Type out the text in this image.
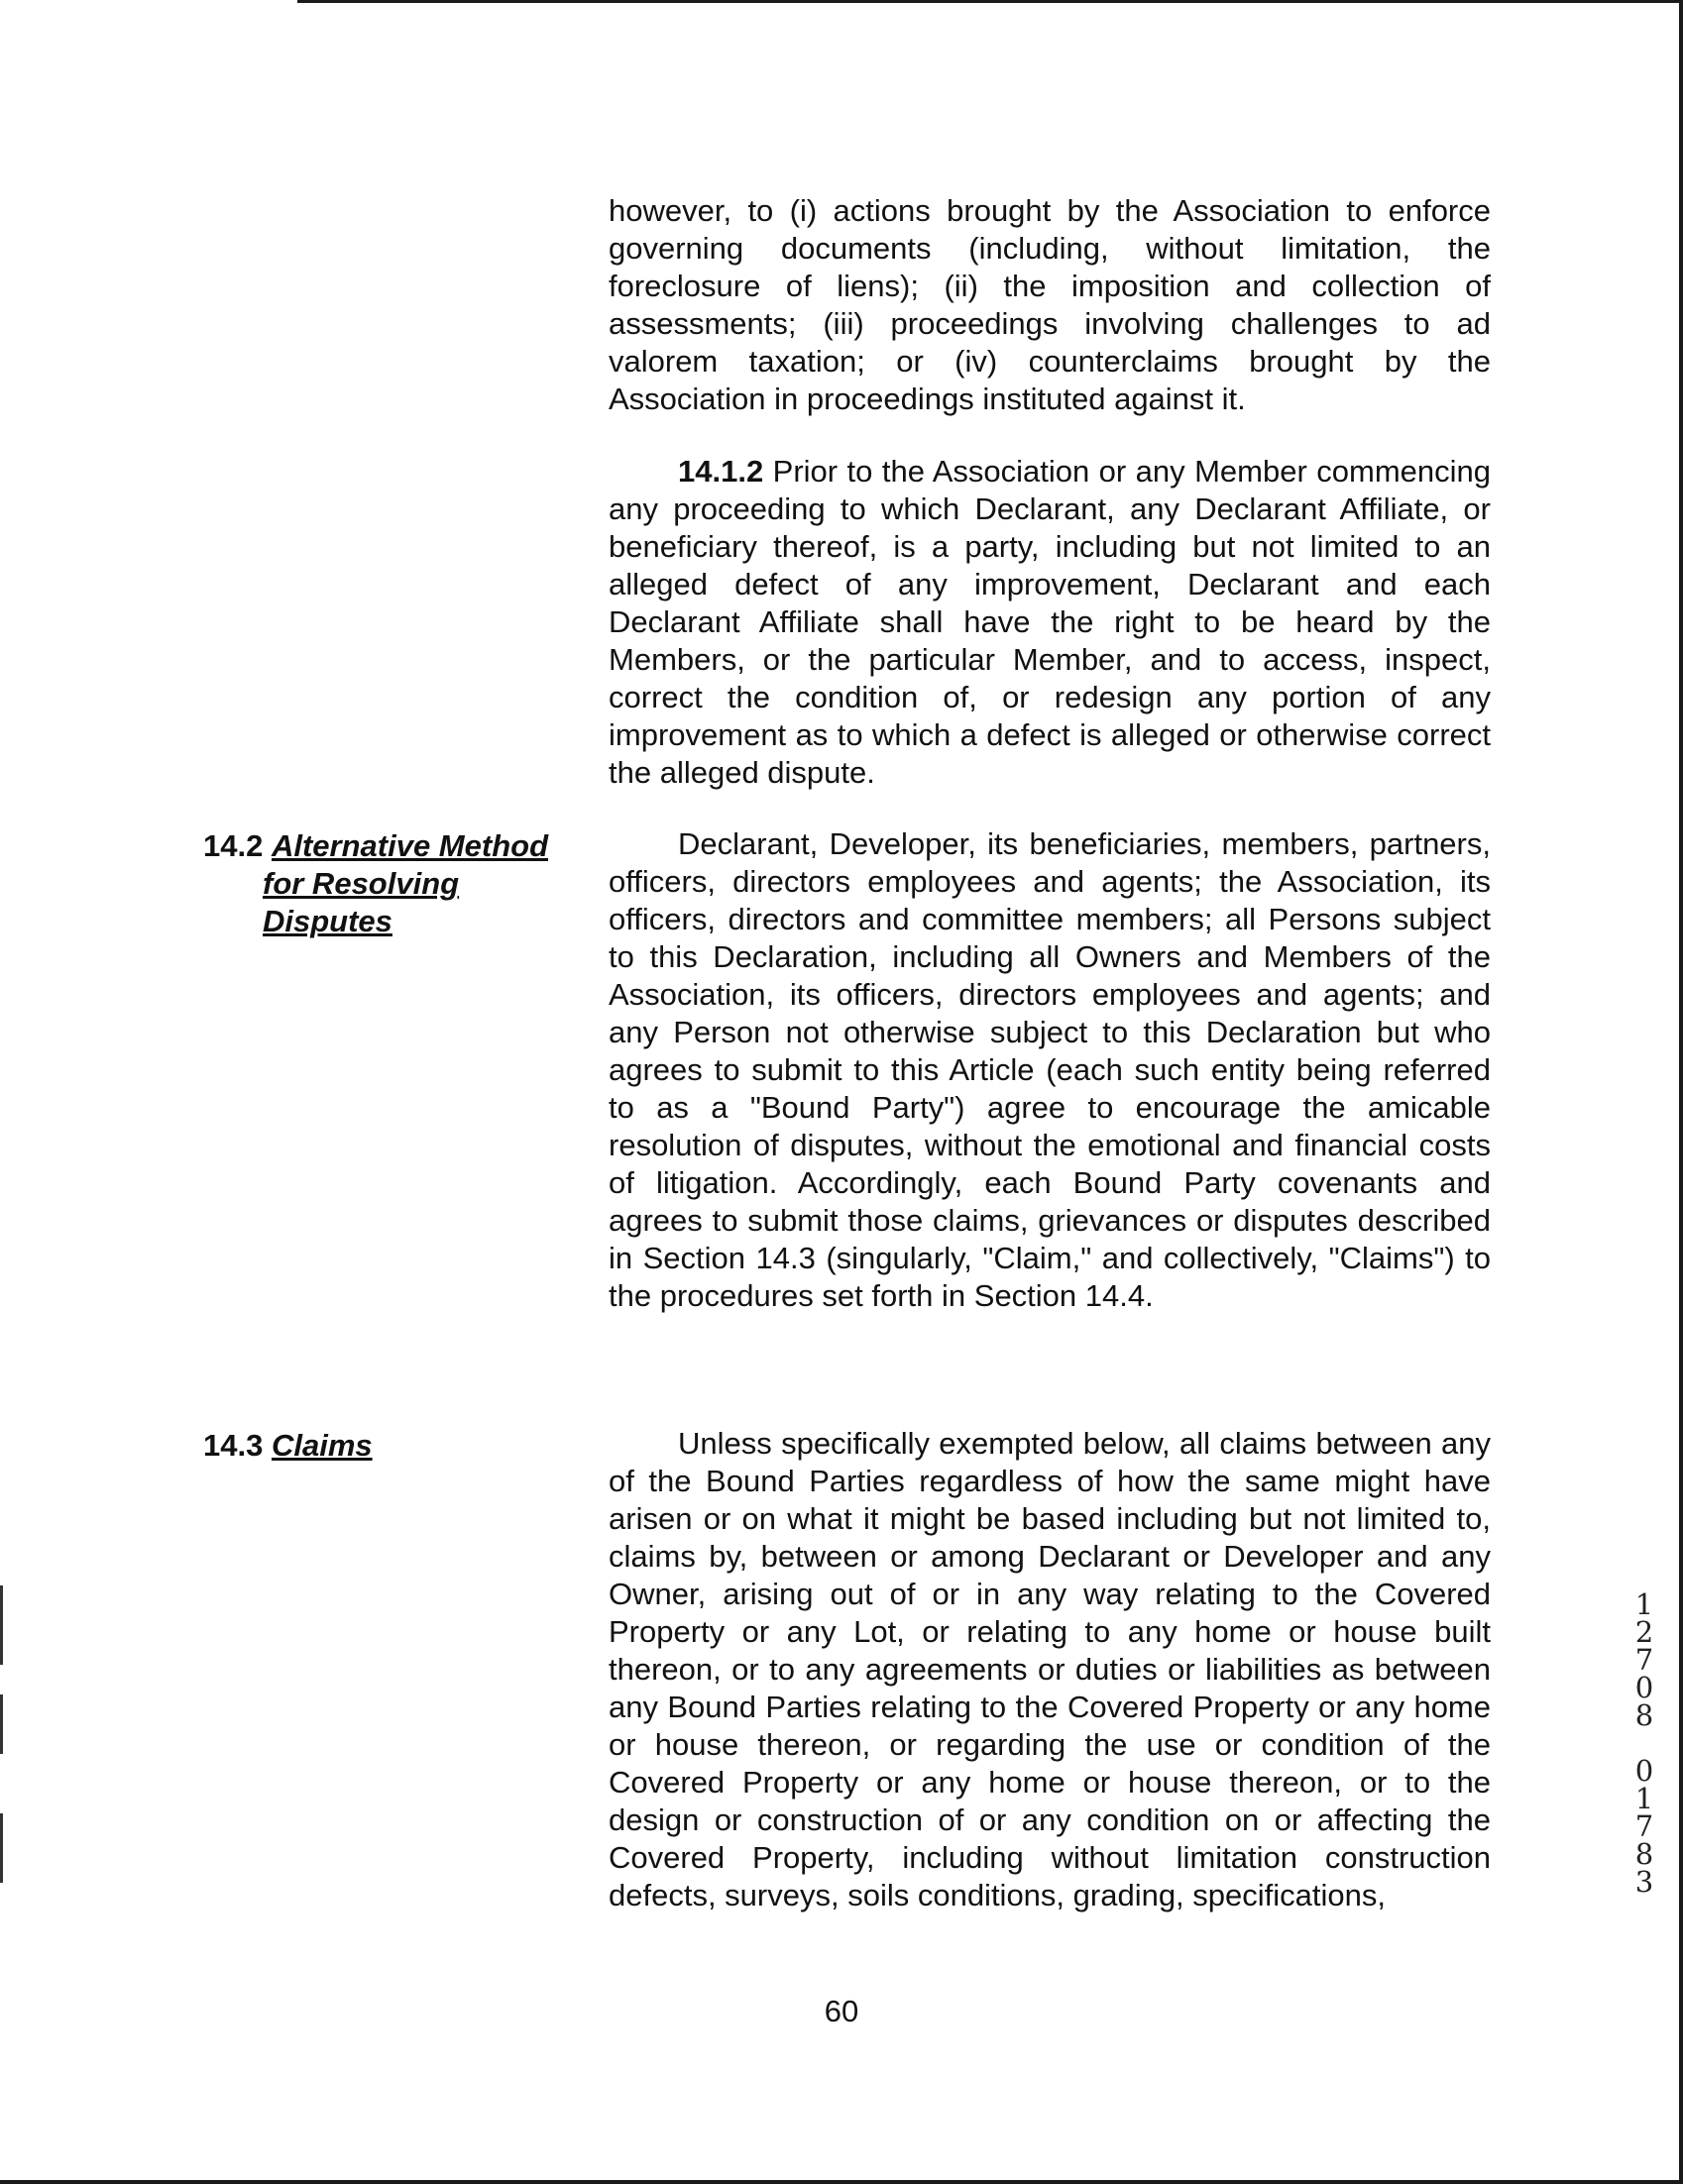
however, to (i) actions brought by the Association to enforce governing documents (including, without limitation, the foreclosure of liens); (ii) the imposition and collection of assessments; (iii) proceedings involving challenges to ad valorem taxation; or (iv) counterclaims brought by the Association in proceedings instituted against it.

14.1.2 Prior to the Association or any Member commencing any proceeding to which Declarant, any Declarant Affiliate, or beneficiary thereof, is a party, including but not limited to an alleged defect of any improvement, Declarant and each Declarant Affiliate shall have the right to be heard by the Members, or the particular Member, and to access, inspect, correct the condition of, or redesign any portion of any improvement as to which a defect is alleged or otherwise correct the alleged dispute.

14.2 Alternative Method
for Resolving
Disputes

Declarant, Developer, its beneficiaries, members, partners, officers, directors employees and agents; the Association, its officers, directors and committee members; all Persons subject to this Declaration, including all Owners and Members of the Association, its officers, directors employees and agents; and any Person not otherwise subject to this Declaration but who agrees to submit to this Article (each such entity being referred to as a "Bound Party") agree to encourage the amicable resolution of disputes, without the emotional and financial costs of litigation. Accordingly, each Bound Party covenants and agrees to submit those claims, grievances or disputes described in Section 14.3 (singularly, "Claim," and collectively, "Claims") to the procedures set forth in Section 14.4.

14.3 Claims	Unless specifically exempted below, all claims between any of the Bound Parties regardless of how the same might have arisen or on what it might be based including but not limited to, claims by, between or among Declarant or Developer and any Owner, arising out of or in any way relating to the Covered Property or any Lot, or relating to any home or house built thereon, or to any agreements or duties or liabilities as between any Bound Parties relating to the Covered Property or any home or house thereon, or regarding the use or condition of the Covered Property or any home or house thereon, or to the design or construction of or any condition on or affecting the Covered Property, including without limitation construction defects, surveys, soils conditions, grading, specifications,

60
1
2
7
0
8
0
1
7
8
3
